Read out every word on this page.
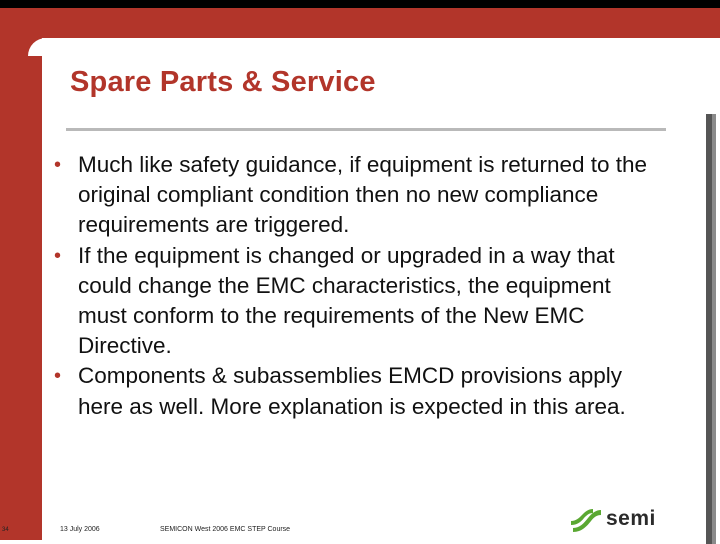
Spare Parts & Service
• Much like safety guidance, if equipment is returned to the original compliant condition then no new compliance requirements are triggered.
• If the equipment is changed or upgraded in a way that could change the EMC characteristics, the equipment must conform to the requirements of the New EMC Directive.
• Components & subassemblies EMCD provisions apply here as well. More explanation is expected in this area.
34	13 July 2006	SEMICON West 2006 EMC STEP Course	semi
